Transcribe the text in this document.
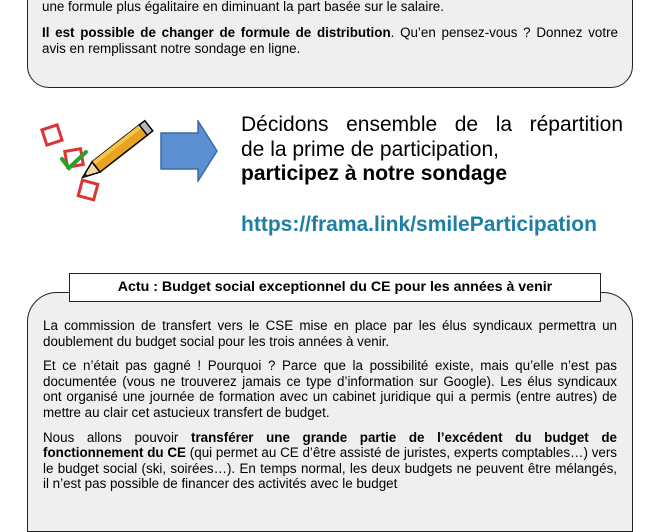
une formule plus égalitaire en diminuant la part basée sur le salaire.

Il est possible de changer de formule de distribution. Qu’en pensez-vous ? Donnez votre avis en remplissant notre sondage en ligne.

Décidons ensemble de la répartition
de la prime de participation,
participez à notre sondage
https://frama.link/smileParticipation
Actu : Budget social exceptionnel du CE pour les années à venir

La commission de transfert vers le CSE mise en place par les élus syndicaux permettra un doublement du budget social pour les trois années à venir.

Et ce n’était pas gagné ! Pourquoi ? Parce que la possibilité existe, mais qu’elle n’est pas documentée (vous ne trouverez jamais ce type d’information sur Google). Les élus syndicaux ont organisé une journée de formation avec un cabinet juridique qui a permis (entre autres) de mettre au clair cet astucieux transfert de budget.

Nous allons pouvoir transférer une grande partie de l’excédent du budget de fonctionnement du CE (qui permet au CE d’être assisté de juristes, experts comptables…) vers le budget social (ski, soirées…). En temps normal, les deux budgets ne peuvent être mélangés, il n’est pas possible de financer des activités avec le budget
